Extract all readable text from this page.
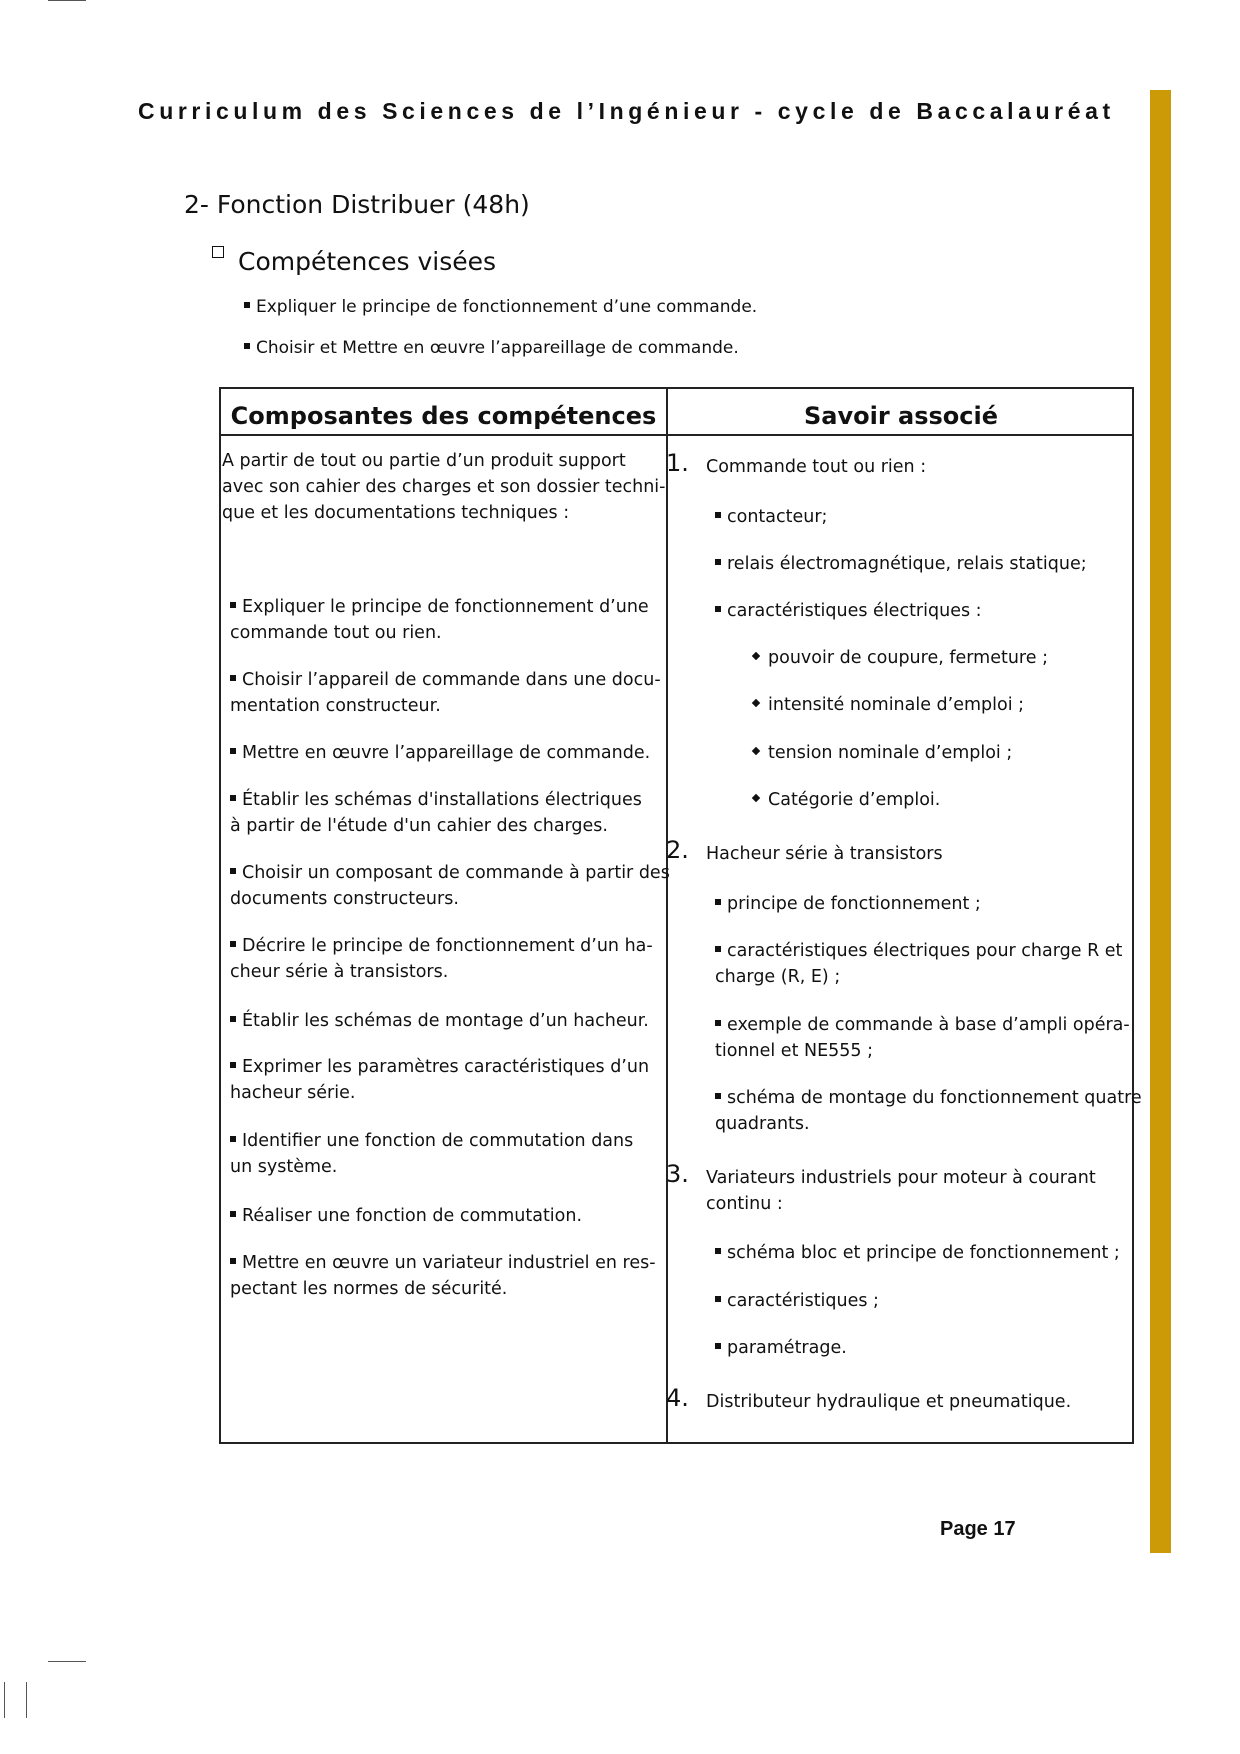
Curriculum des Sciences de l’Ingénieur - cycle de Baccalauréat
2- Fonction Distribuer (48h)
Compétences visées
Expliquer le principe de fonctionnement d’une commande.
Choisir et Mettre en œuvre l’appareillage de commande.
Composantes des compétences	Savoir associé
A partir de tout ou partie d’un produit support
avec son cahier des charges et son dossier techni-
que et les documentations techniques :
Expliquer le principe de fonctionnement d’une
commande tout ou rien.
Choisir l’appareil de commande dans une docu-
mentation constructeur.
Mettre en œuvre l’appareillage de commande.
Établir les schémas d'installations électriques
à partir de l'étude d'un cahier des charges.
Choisir un composant de commande à partir des
documents constructeurs.
Décrire le principe de fonctionnement d’un ha-
cheur série à transistors.
Établir les schémas de montage d’un hacheur.
Exprimer les paramètres caractéristiques d’un
hacheur série.
Identifier une fonction de commutation dans
un système.
Réaliser une fonction de commutation.
Mettre en œuvre un variateur industriel en res-
pectant les normes de sécurité.
1. Commande tout ou rien :
contacteur;
relais électromagnétique, relais statique;
caractéristiques électriques :
pouvoir de coupure, fermeture ;
intensité nominale d’emploi ;
tension nominale d’emploi ;
Catégorie d’emploi.
2. Hacheur série à transistors
principe de fonctionnement ;
caractéristiques électriques pour charge R et
charge (R, E) ;
exemple de commande à base d’ampli opéra-
tionnel et NE555 ;
schéma de montage du fonctionnement quatre
quadrants.
3. Variateurs industriels pour moteur à courant
continu :
schéma bloc et principe de fonctionnement ;
caractéristiques ;
paramétrage.
4. Distributeur hydraulique et pneumatique.
Page 17
